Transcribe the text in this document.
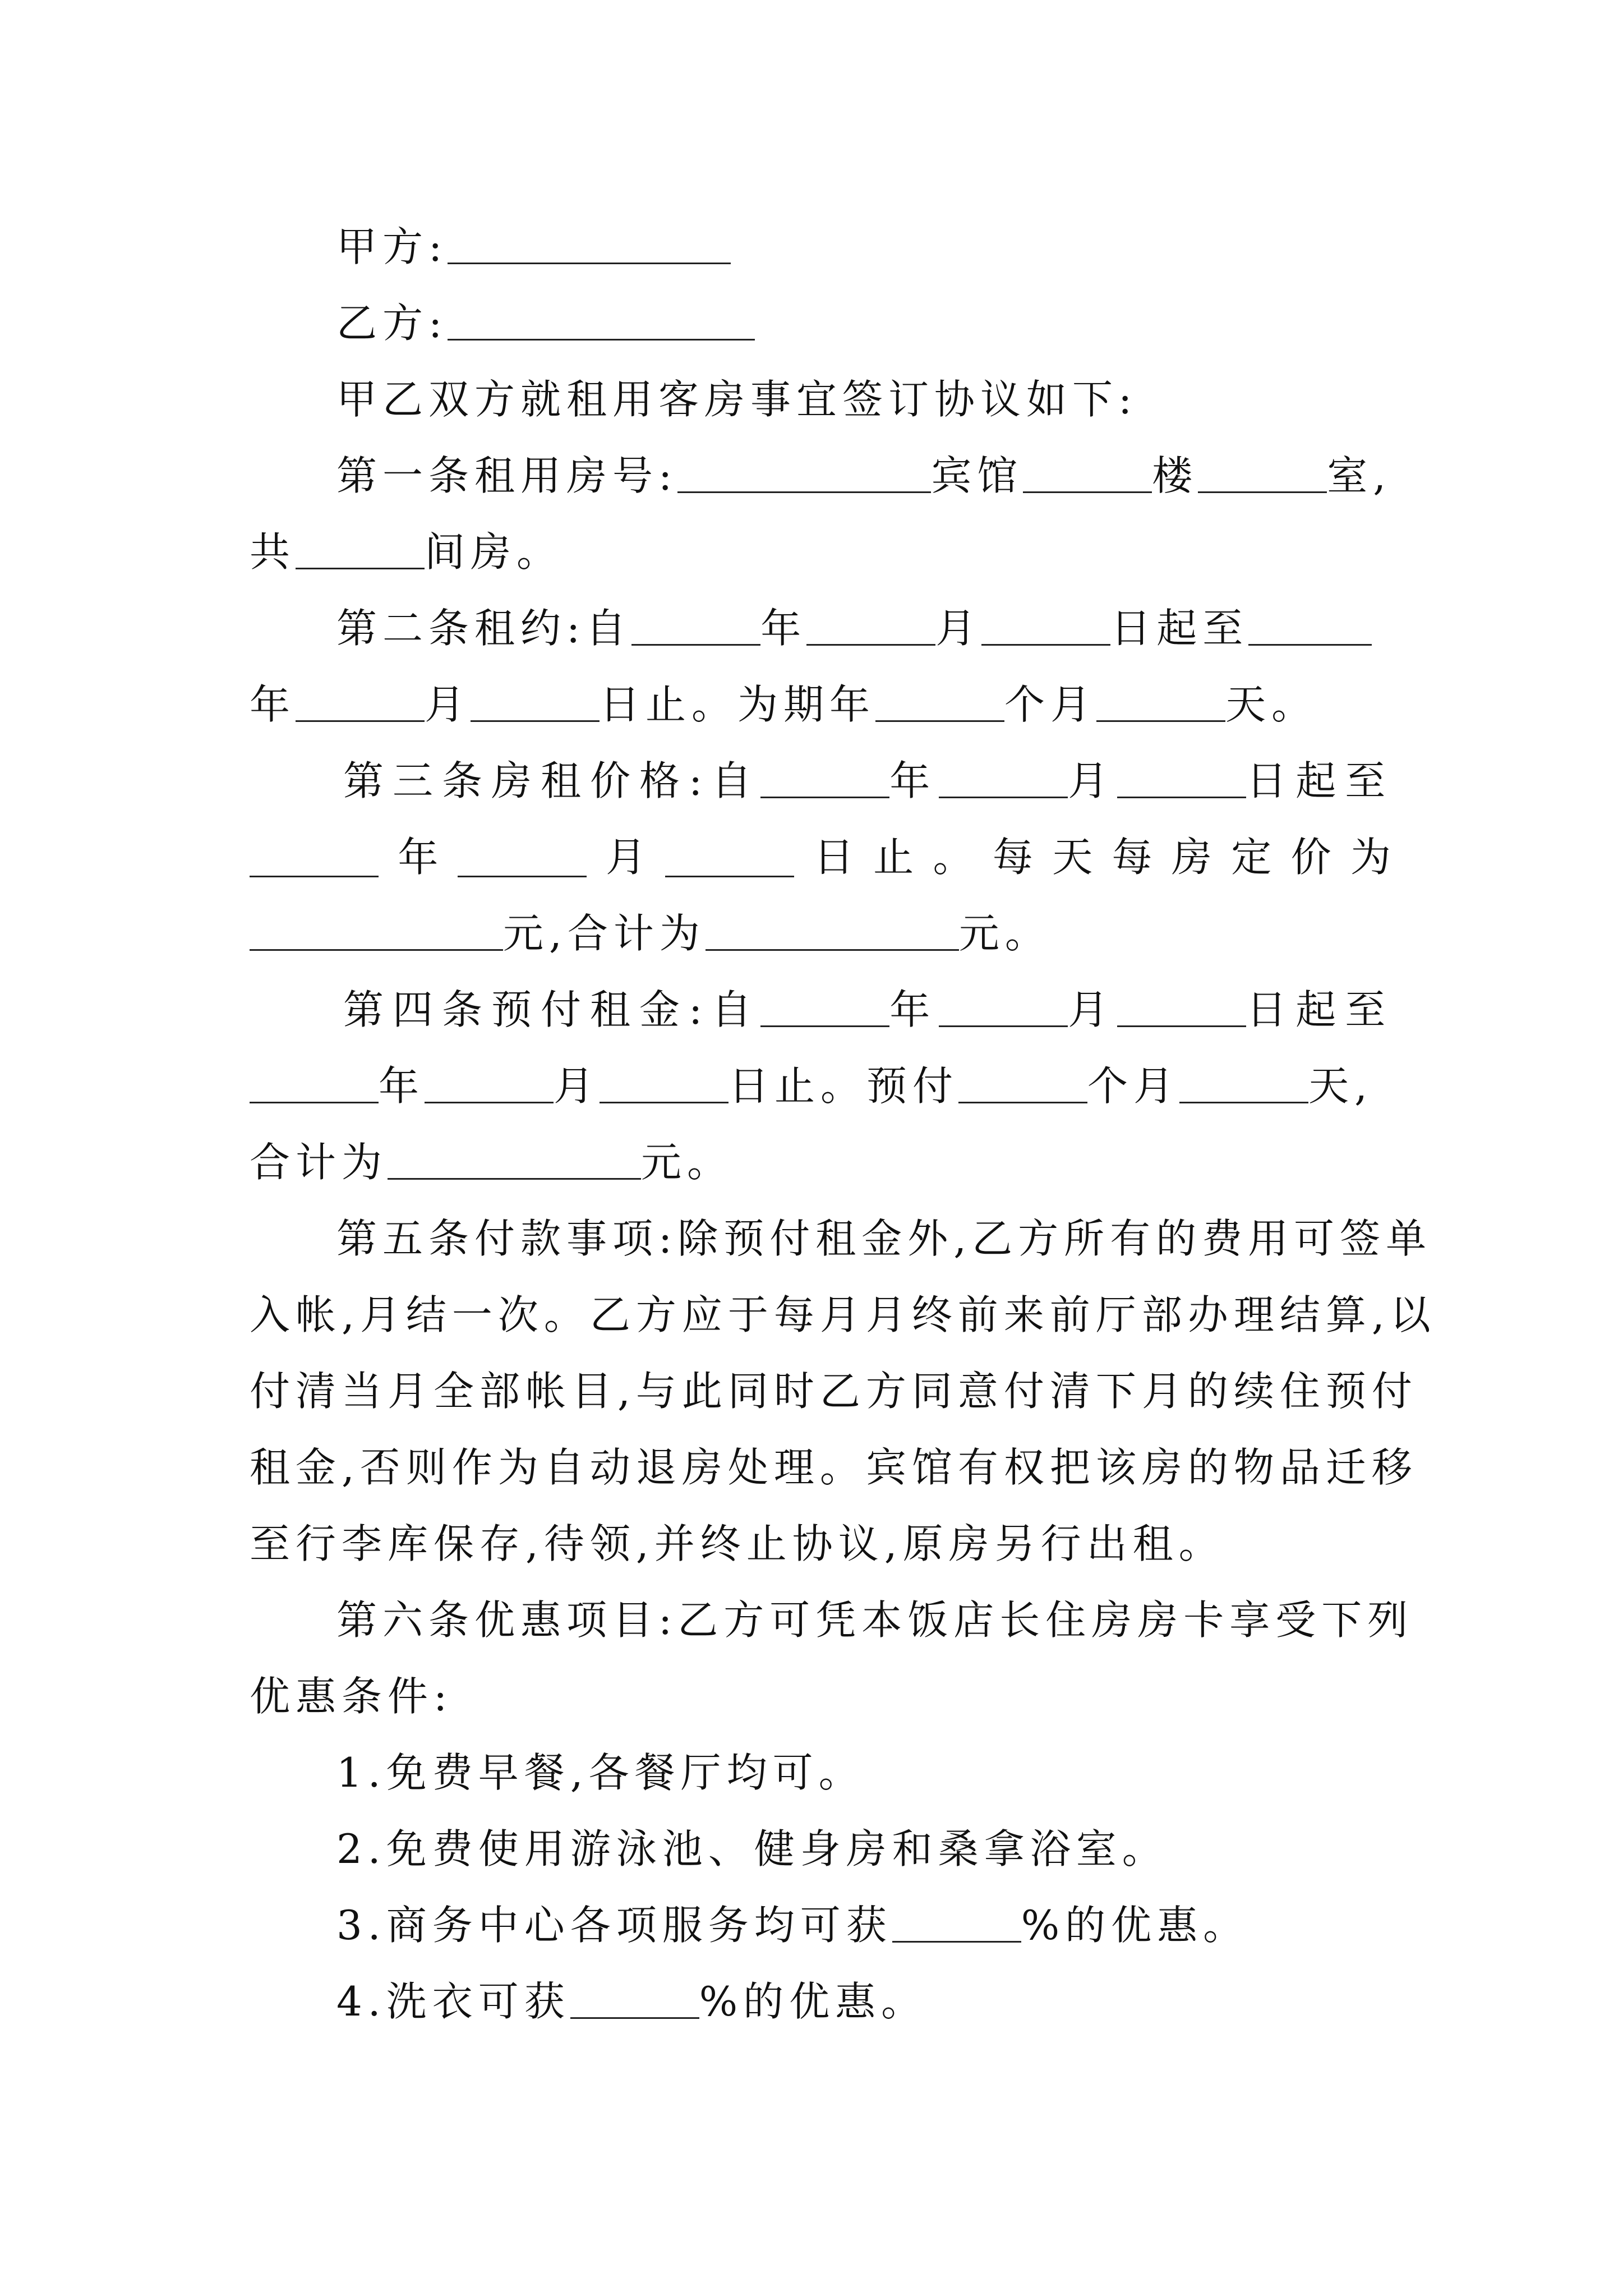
甲方:
乙方:
甲乙双方就租用客房事宜签订协议如下:
第一条租用房号:	宾馆	楼	室,
共	间房。
第二条租约:自	年	月	日起至
年	月	日止。为期年	个月	天。
第三条房租价格:自	年	月	日起至
年	月	日 止 。 每 天 每 房 定 价 为
元,合计为	元。
第四条预付租金:自	年	月	日起至
年	月	日止。预付	个月	天,
合计为	元。
第五条付款事项:除预付租金外,乙方所有的费用可签单
入帐,月结一次。乙方应于每月月终前来前厅部办理结算,以
付清当月全部帐目,与此同时乙方同意付清下月的续住预付
租金,否则作为自动退房处理。宾馆有权把该房的物品迁移
至行李库保存,待领,并终止协议,原房另行出租。
第六条优惠项目:乙方可凭本饭店长住房房卡享受下列
优惠条件:
1.免费早餐,各餐厅均可。
2.免费使用游泳池、健身房和桑拿浴室。
3.商务中心各项服务均可获	%的优惠。
4.洗衣可获	%的优惠。
